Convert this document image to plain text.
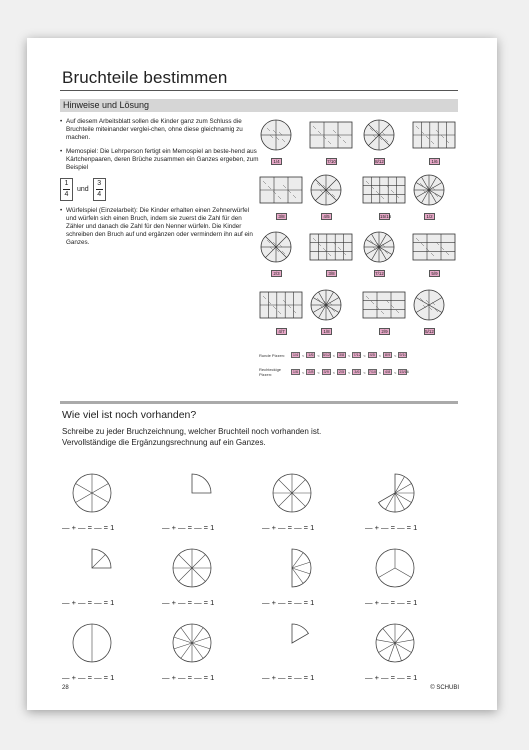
Bruchteile bestimmen
Hinweise und Lösung
• Auf diesem Arbeitsblatt sollen die Kinder ganz zum Schluss die Bruchteile miteinander verglei-chen, ohne diese gleichnamig zu machen.
• Memospiel: Die Lehrperson fertigt ein Memospiel an beste-hend aus Kärtchenpaaren, deren Brüche zusammen ein Ganzes ergeben, zum Beispiel
1
4
und
3
4
• Würfelspiel (Einzelarbeit): Die Kinder erhalten einen Zehnerwürfel und würfeln sich einen Bruch, indem sie zuerst die Zahl für den Zähler und danach die Zahl für den Nenner würfeln. Die Kinder schreiben den Bruch auf und ergänzen oder vermindern ihn auf ein Ganzes.
1/4	7/10	8/12	1/6
3/8	4/5	15/16	1/2
2/3	3/8	7/12	5/9
4/7	1/8	2/9	5/12
Runde Pizzen:	1/4 <	1/6 < 5/12 <	3/8 < 7/12 <	4/5 <	8/9 < 9/10
Rechteckige Pizzen:	1/6 <	2/8 <	3/9 <	2/5 <	3/6 < 7/10 <	4/8 < 15/16
Wie viel ist noch vorhanden?
Schreibe zu jeder Bruchzeichnung, welcher Bruchteil noch vorhanden ist.
Vervollständige die Ergänzungsrechnung auf ein Ganzes.
— + — = — = 1	— + — = — = 1	— + — = — = 1	— + — = — = 1
— + — = — = 1	— + — = — = 1	— + — = — = 1	— + — = — = 1
— + — = — = 1	— + — = — = 1	— + — = — = 1	— + — = — = 1
28	© SCHUBI
